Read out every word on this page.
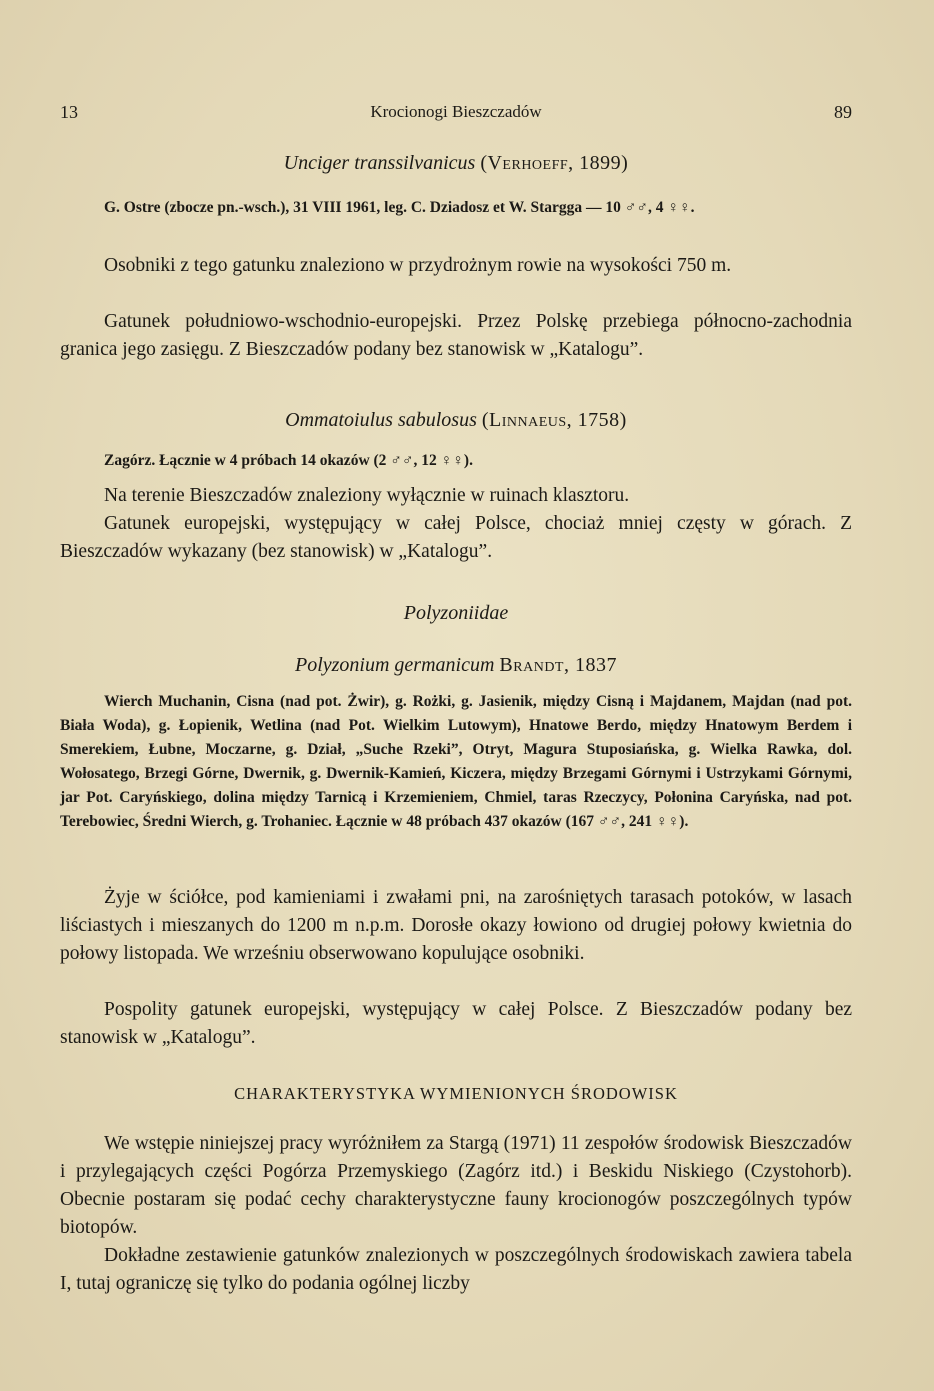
13	Krocionogi Bieszczadów	89
Unciger transsilvanicus (Verhoeff, 1899)
G. Ostre (zbocze pn.-wsch.), 31 VIII 1961, leg. C. Dziadosz et W. Stargga — 10 ♂♂, 4 ♀♀.
Osobniki z tego gatunku znaleziono w przydrożnym rowie na wysokości 750 m.
Gatunek południowo-wschodnio-europejski. Przez Polskę przebiega północno-zachodnia granica jego zasięgu. Z Bieszczadów podany bez stanowisk w „Katalogu”.
Ommatoiulus sabulosus (Linnaeus, 1758)
Zagórz. Łącznie w 4 próbach 14 okazów (2 ♂♂, 12 ♀♀).
Na terenie Bieszczadów znaleziony wyłącznie w ruinach klasztoru.
Gatunek europejski, występujący w całej Polsce, chociaż mniej częsty w górach. Z Bieszczadów wykazany (bez stanowisk) w „Katalogu”.
Polyzoniidae
Polyzonium germanicum Brandt, 1837
Wierch Muchanin, Cisna (nad pot. Żwir), g. Rożki, g. Jasienik, między Cisną i Majdanem, Majdan (nad pot. Biała Woda), g. Łopienik, Wetlina (nad Pot. Wielkim Lutowym), Hnatowe Berdo, między Hnatowym Berdem i Smerekiem, Łubne, Moczarne, g. Dział, „Suche Rzeki”, Otryt, Magura Stuposiańska, g. Wielka Rawka, dol. Wołosatego, Brzegi Górne, Dwernik, g. Dwernik-Kamień, Kiczera, między Brzegami Górnymi i Ustrzykami Górnymi, jar Pot. Caryńskiego, dolina między Tarnicą i Krzemieniem, Chmiel, taras Rzeczycy, Połonina Caryńska, nad pot. Terebowiec, Średni Wierch, g. Trohaniec. Łącznie w 48 próbach 437 okazów (167 ♂♂, 241 ♀♀).
Żyje w ściółce, pod kamieniami i zwałami pni, na zarośniętych tarasach potoków, w lasach liściastych i mieszanych do 1200 m n.p.m. Dorosłe okazy łowiono od drugiej połowy kwietnia do połowy listopada. We wrześniu obserwowano kopulujące osobniki.
Pospolity gatunek europejski, występujący w całej Polsce. Z Bieszczadów podany bez stanowisk w „Katalogu”.
CHARAKTERYSTYKA WYMIENIONYCH ŚRODOWISK
We wstępie niniejszej pracy wyróżniłem za Stargą (1971) 11 zespołów środowisk Bieszczadów i przylegających części Pogórza Przemyskiego (Zagórz itd.) i Beskidu Niskiego (Czystohorb). Obecnie postaram się podać cechy charakterystyczne fauny krocionogów poszczególnych typów biotopów.
Dokładne zestawienie gatunków znalezionych w poszczególnych środowiskach zawiera tabela I, tutaj ograniczę się tylko do podania ogólnej liczby
